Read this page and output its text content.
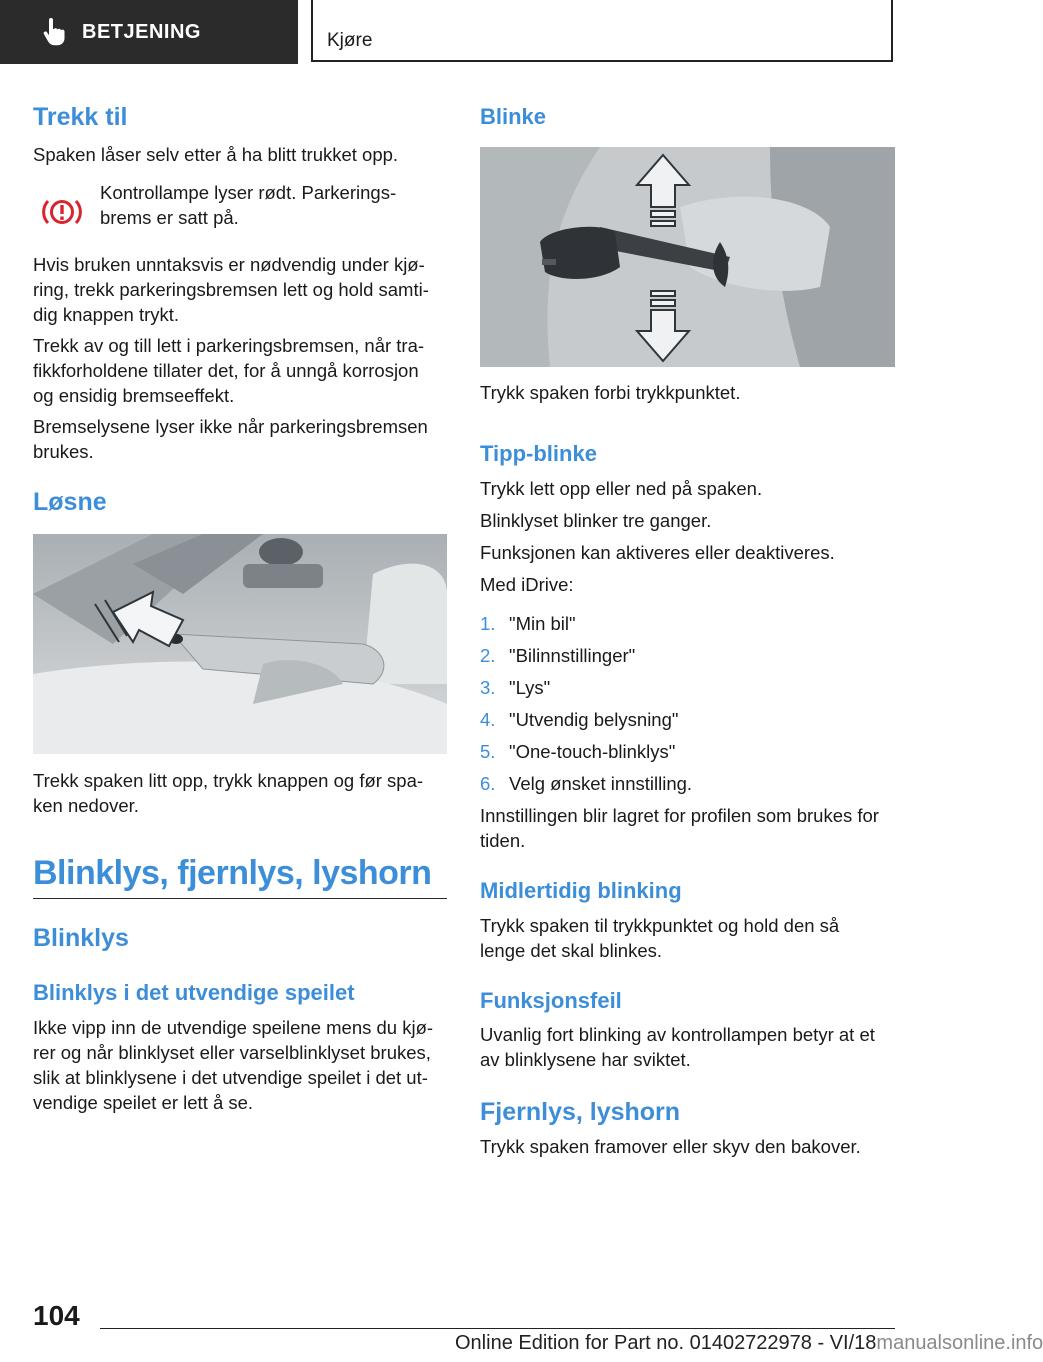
BETJENING	Kjøre
Trekk til

Spaken låser selv etter å ha blitt trukket opp.

Kontrollampe lyser rødt. Parkerings‐

brems er satt på.

Hvis bruken unntaksvis er nødvendig under kjø‐

ring, trekk parkeringsbremsen lett og hold samti‐

dig knappen trykt.

Trekk av og till lett i parkeringsbremsen, når tra‐

fikkforholdene tillater det, for å unngå korrosjon

og ensidig bremseeffekt.

Bremselysene lyser ikke når parkeringsbremsen

brukes.

Løsne

Trekk spaken litt opp, trykk knappen og før spa‐

ken nedover.

Blinklys, fjernlys, lyshorn
Blinklys
Blinklys i det utvendige speilet

Ikke vipp inn de utvendige speilene mens du kjø‐

rer og når blinklyset eller varselblinklyset brukes,

slik at blinklysene i det utvendige speilet i det ut‐

vendige speilet er lett å se.

Blinke

Trykk spaken forbi trykkpunktet.

Tipp-blinke

Trykk lett opp eller ned på spaken.

Blinklyset blinker tre ganger.

Funksjonen kan aktiveres eller deaktiveres.

Med iDrive:

1. "Min bil"
2. "Bilinnstillinger"
3. "Lys"
4. "Utvendig belysning"
5. "One-touch-blinklys"
6. Velg ønsket innstilling.

Innstillingen blir lagret for profilen som brukes for

tiden.

Midlertidig blinking

Trykk spaken til trykkpunktet og hold den så

lenge det skal blinkes.

Funksjonsfeil

Uvanlig fort blinking av kontrollampen betyr at et

av blinklysene har sviktet.

Fjernlys, lyshorn

Trykk spaken framover eller skyv den bakover.

104
Online Edition for Part no. 01402722978 - VI/18manualsonline.info
